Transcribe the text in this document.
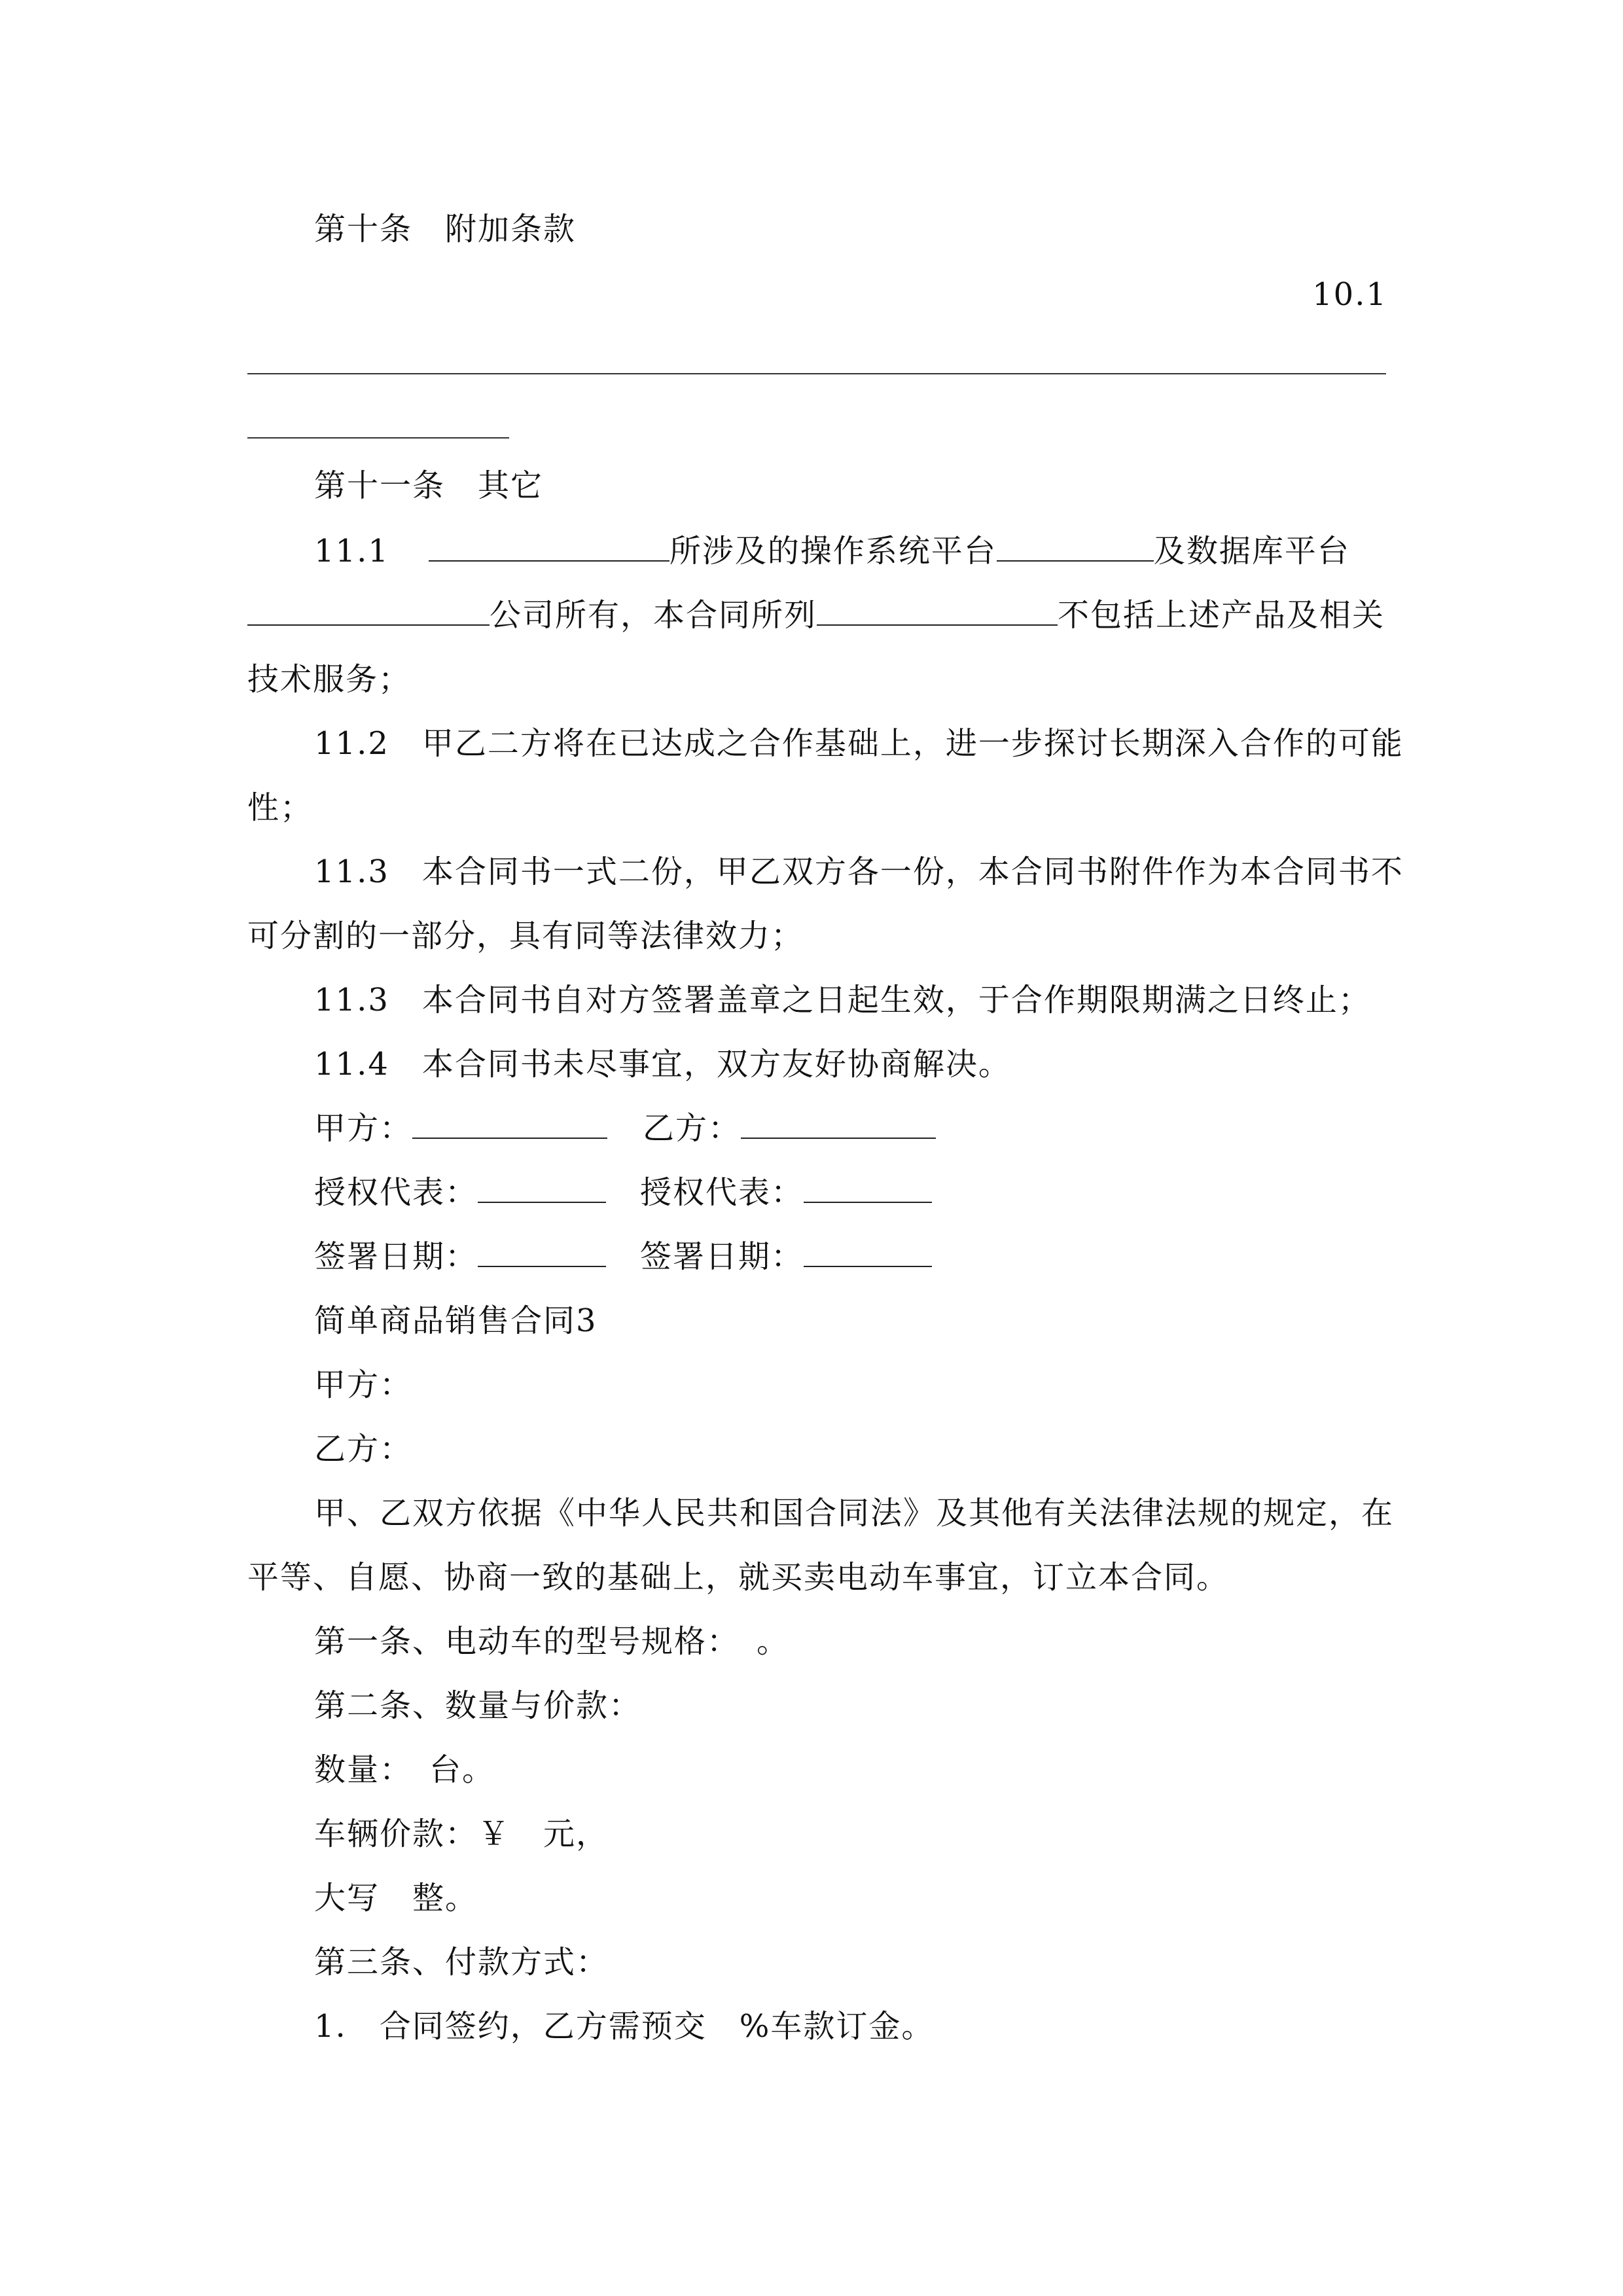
第十条　附加条款
10.1
第十一条　其它
11.1	所涉及的操作系统平台	及数据库平台
公司所有，本合同所列	不包括上述产品及相关
技术服务；
11.2　甲乙二方将在已达成之合作基础上，进一步探讨长期深入合作的可能
性；
11.3　本合同书一式二份，甲乙双方各一份，本合同书附件作为本合同书不
可分割的一部分，具有同等法律效力；
11.3　本合同书自对方签署盖章之日起生效，于合作期限期满之日终止；
11.4　本合同书未尽事宜，双方友好协商解决。
甲方：	乙方：
授权代表：	授权代表：
签署日期：	签署日期：
简单商品销售合同3
甲方：
乙方：
甲、乙双方依据《中华人民共和国合同法》及其他有关法律法规的规定，在
平等、自愿、协商一致的基础上，就买卖电动车事宜，订立本合同。
第一条、电动车的型号规格：　。
第二条、数量与价款：
数量：　台。
车辆价款：￥　元，
大写　整。
第三条、付款方式：
1.　合同签约，乙方需预交　%车款订金。
